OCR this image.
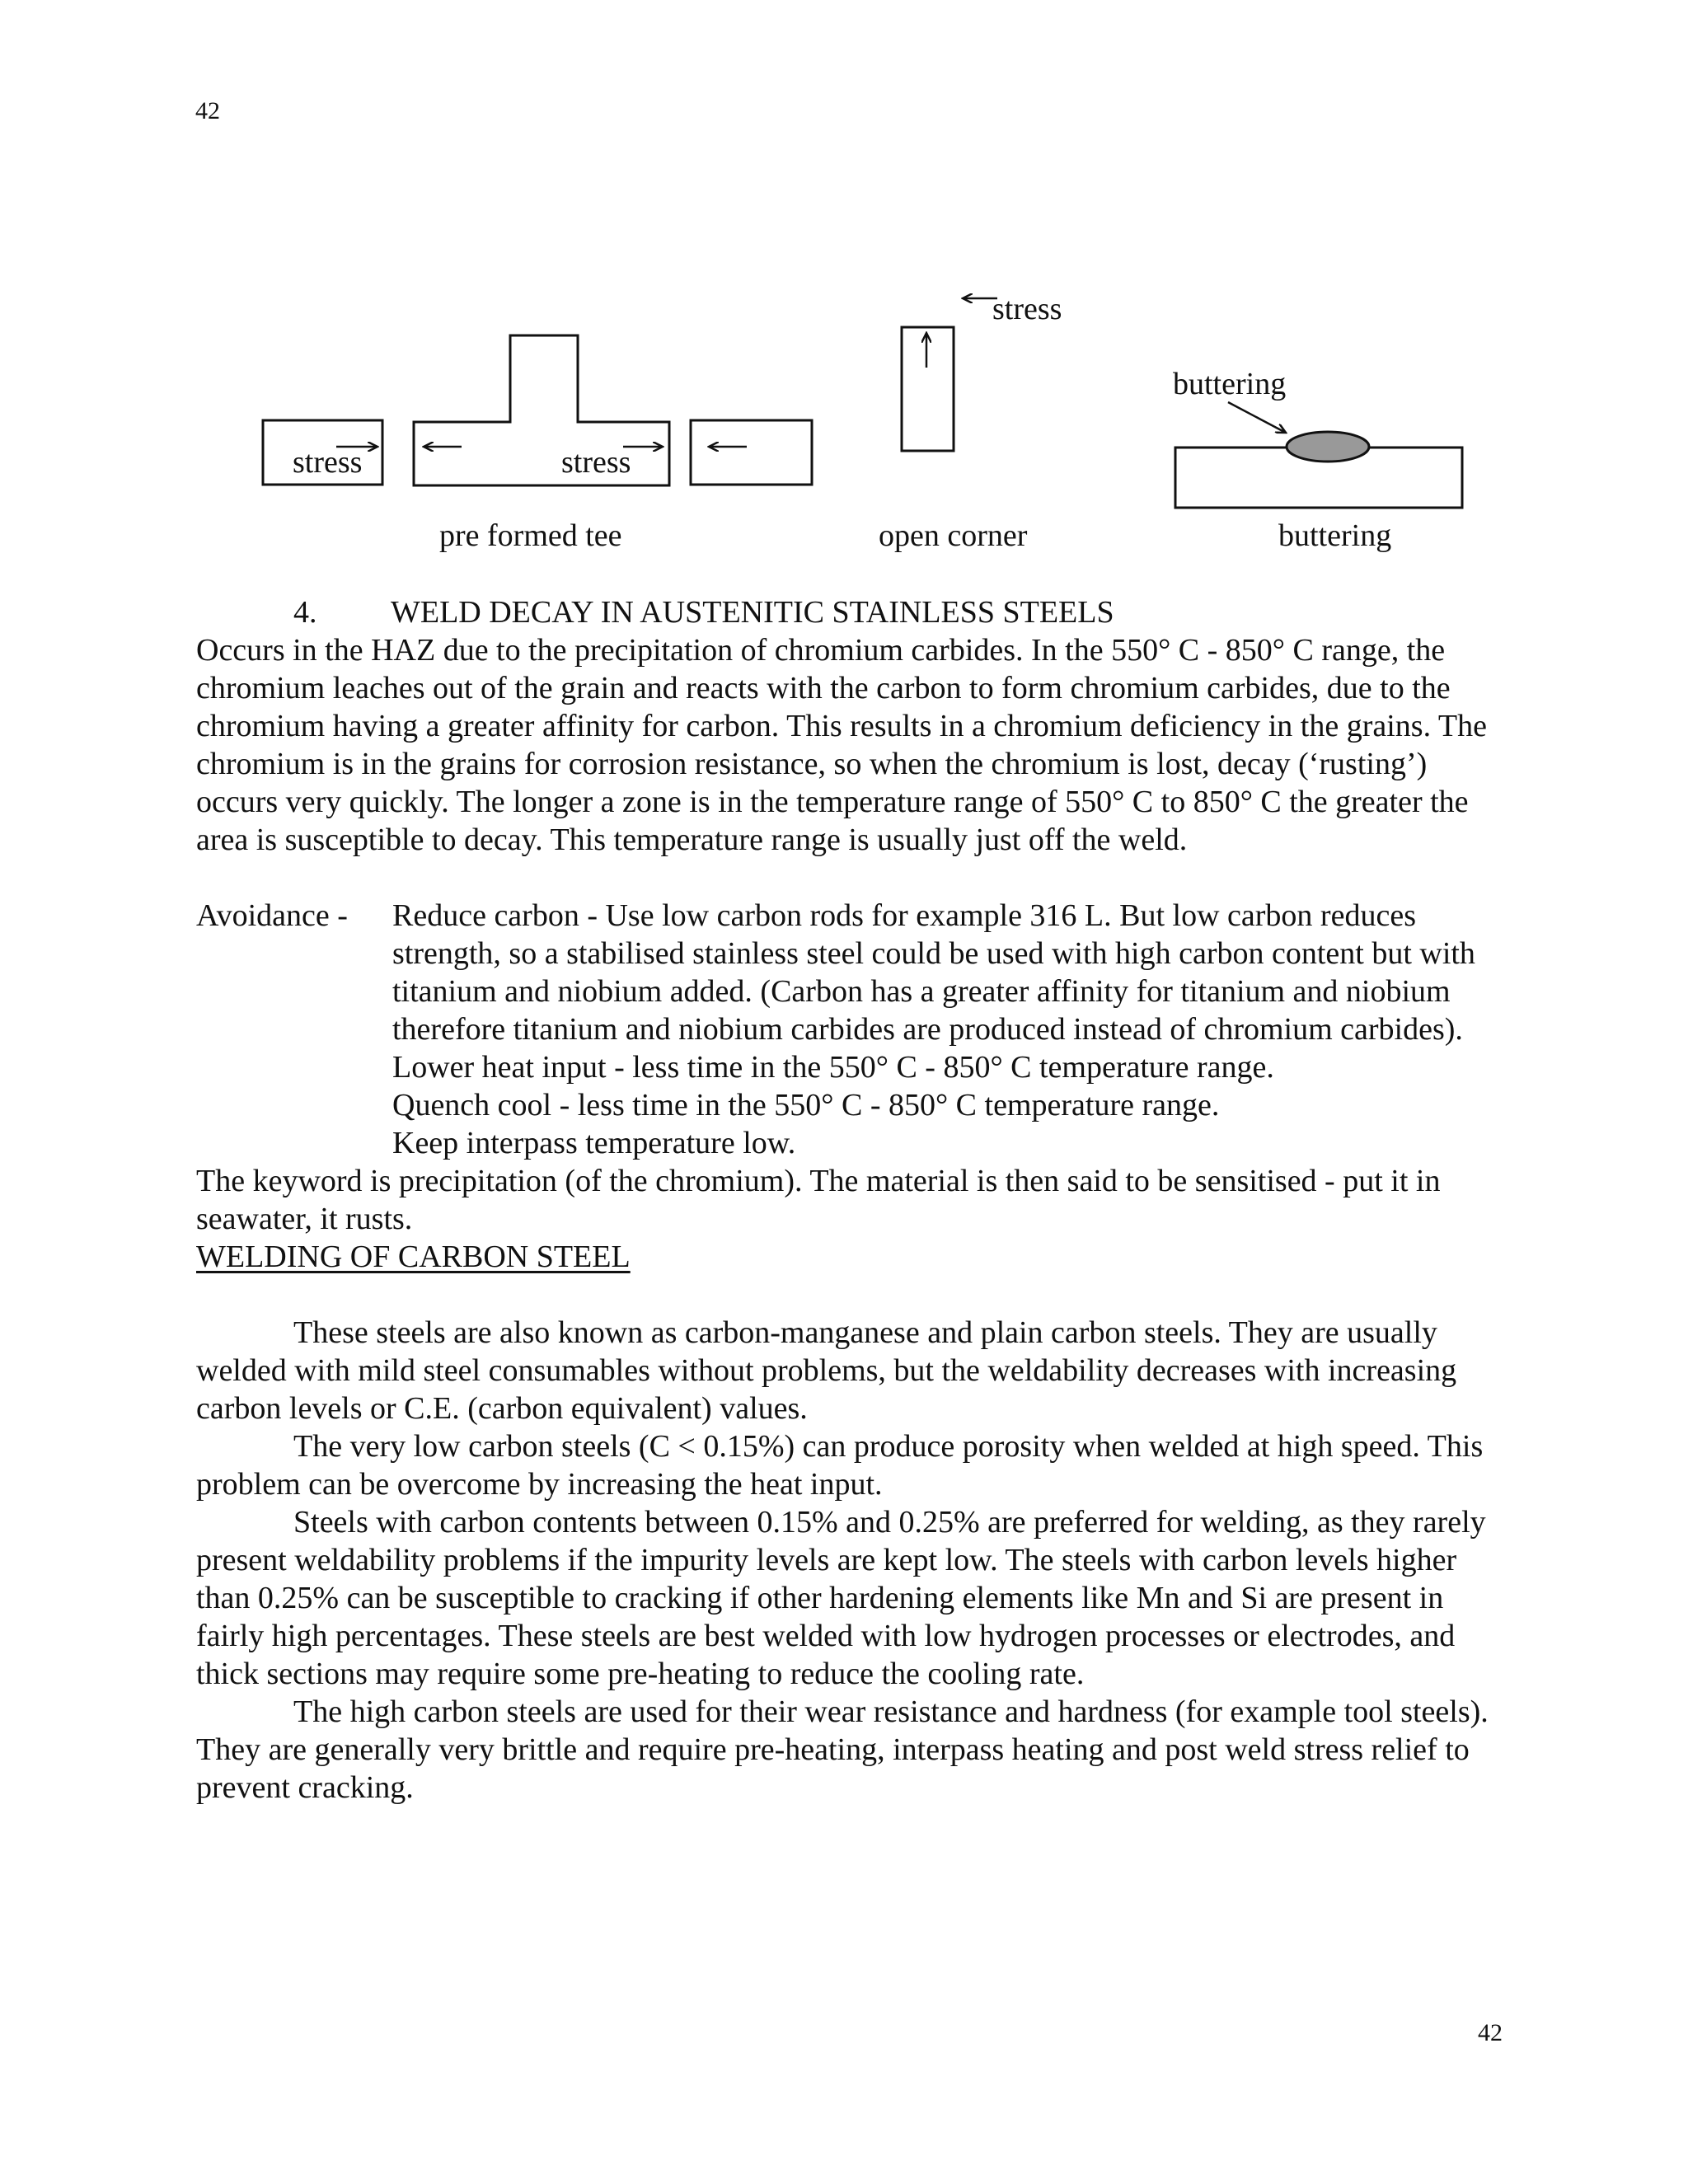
42
stress	stress
pre formed tee
stress
open corner
buttering
buttering

4. WELD DECAY IN AUSTENITIC STAINLESS STEELS

Occurs in the HAZ due to the precipitation of chromium carbides. In the 550° C - 850° C range, the chromium leaches out of the grain and reacts with the carbon to form chromium carbides, due to the chromium having a greater affinity for carbon. This results in a chromium deficiency in the grains. The chromium is in the grains for corrosion resistance, so when the chromium is lost, decay (‘rusting’) occurs very quickly. The longer a zone is in the temperature range of 550° C to 850° C the greater the area is susceptible to decay. This temperature range is usually just off the weld.

Avoidance -	Reduce carbon - Use low carbon rods for example 316 L. But low carbon reduces strength, so a stabilised stainless steel could be used with high carbon content but with titanium and niobium added. (Carbon has a greater affinity for titanium and niobium therefore titanium and niobium carbides are produced instead of chromium carbides).

Lower heat input - less time in the 550° C - 850° C temperature range.

Quench cool - less time in the 550° C - 850° C temperature range.

Keep interpass temperature low.

The keyword is precipitation (of the chromium). The material is then said to be sensitised - put it in seawater, it rusts.

WELDING OF CARBON STEEL

These steels are also known as carbon-manganese and plain carbon steels. They are usually welded with mild steel consumables without problems, but the weldability decreases with increasing carbon levels or C.E. (carbon equivalent) values.

The very low carbon steels (C < 0.15%) can produce porosity when welded at high speed. This problem can be overcome by increasing the heat input.

Steels with carbon contents between 0.15% and 0.25% are preferred for welding, as they rarely present weldability problems if the impurity levels are kept low. The steels with carbon levels higher than 0.25% can be susceptible to cracking if other hardening elements like Mn and Si are present in fairly high percentages. These steels are best welded with low hydrogen processes or electrodes, and thick sections may require some pre-heating to reduce the cooling rate.

The high carbon steels are used for their wear resistance and hardness (for example tool steels). They are generally very brittle and require pre-heating, interpass heating and post weld stress relief to prevent cracking.

42
